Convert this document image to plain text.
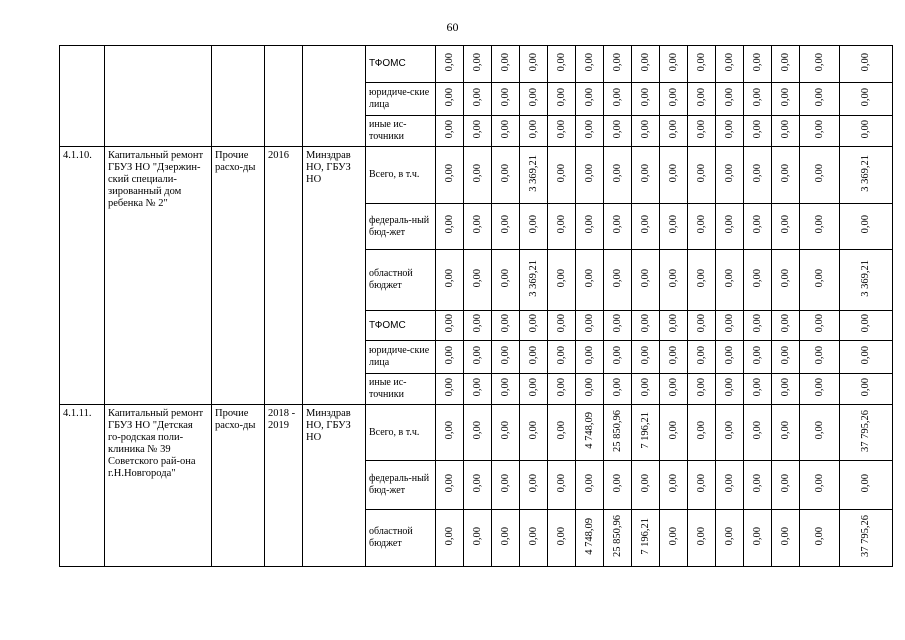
60
					ТФОМС	0,00	0,00	0,00	0,00	0,00	0,00	0,00	0,00	0,00	0,00	0,00	0,00	0,00	0,00	0,00
					юридиче-ские лица	0,00	0,00	0,00	0,00	0,00	0,00	0,00	0,00	0,00	0,00	0,00	0,00	0,00	0,00	0,00
					иные ис-точники	0,00	0,00	0,00	0,00	0,00	0,00	0,00	0,00	0,00	0,00	0,00	0,00	0,00	0,00	0,00
4.1.10.	Капитальный ремонт ГБУЗ НО "Дзержин-ский специали-зированный дом ребенка № 2"	Прочие расхо-ды	2016	Минздрав НО, ГБУЗ НО	Всего, в т.ч.	0,00	0,00	0,00	3 369,21	0,00	0,00	0,00	0,00	0,00	0,00	0,00	0,00	0,00	0,00	3 369,21
					федераль-ный бюд-жет	0,00	0,00	0,00	0,00	0,00	0,00	0,00	0,00	0,00	0,00	0,00	0,00	0,00	0,00	0,00
					областной бюджет	0,00	0,00	0,00	3 369,21	0,00	0,00	0,00	0,00	0,00	0,00	0,00	0,00	0,00	0,00	3 369,21
					ТФОМС	0,00	0,00	0,00	0,00	0,00	0,00	0,00	0,00	0,00	0,00	0,00	0,00	0,00	0,00	0,00
					юридиче-ские лица	0,00	0,00	0,00	0,00	0,00	0,00	0,00	0,00	0,00	0,00	0,00	0,00	0,00	0,00	0,00
					иные ис-точники	0,00	0,00	0,00	0,00	0,00	0,00	0,00	0,00	0,00	0,00	0,00	0,00	0,00	0,00	0,00
4.1.11.	Капитальный ремонт ГБУЗ НО "Детская го-родская поли-клиника № 39 Советского рай-она г.Н.Новгорода"	Прочие расхо-ды	2018 - 2019	Минздрав НО, ГБУЗ НО	Всего, в т.ч.	0,00	0,00	0,00	0,00	0,00	4 748,09	25 850,96	7 196,21	0,00	0,00	0,00	0,00	0,00	0,00	37 795,26
					федераль-ный бюд-жет	0,00	0,00	0,00	0,00	0,00	0,00	0,00	0,00	0,00	0,00	0,00	0,00	0,00	0,00	0,00
					областной бюджет	0,00	0,00	0,00	0,00	0,00	4 748,09	25 850,96	7 196,21	0,00	0,00	0,00	0,00	0,00	0,00	37 795,26
